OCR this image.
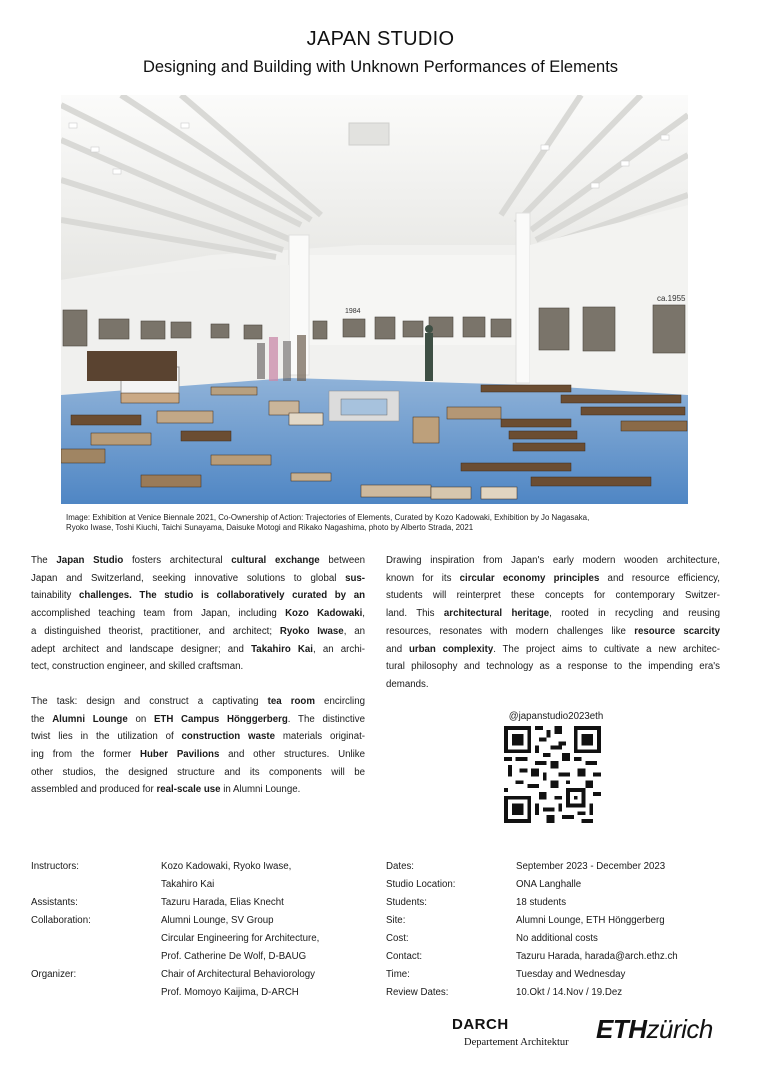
JAPAN STUDIO
Designing and Building with Unknown Performances of Elements
1984
ca.1955
Image: Exhibition at Venice Biennale 2021, Co-Ownership of Action: Trajectories of Elements, Curated by Kozo Kadowaki, Exhibition by Jo Nagasaka,
Ryoko Iwase, Toshi Kiuchi, Taichi Sunayama, Daisuke Motogi and Rikako Nagashima, photo by Alberto Strada, 2021

The Japan Studio fosters architectural cultural exchange between
Japan and Switzerland, seeking innovative solutions to global sus-
tainability challenges. The studio is collaboratively curated by an
accomplished teaching team from Japan, including Kozo Kadowaki,
a distinguished theorist, practitioner, and architect; Ryoko Iwase, an
adept architect and landscape designer; and Takahiro Kai, an archi-
tect, construction engineer, and skilled craftsman.

The task: design and construct a captivating tea room encircling
the Alumni Lounge on ETH Campus Hönggerberg. The distinctive
twist lies in the utilization of construction waste materials originat-
ing from the former Huber Pavilions and other structures. Unlike
other studios, the designed structure and its components will be
assembled and produced for real-scale use in Alumni Lounge.

Drawing inspiration from Japan's early modern wooden architecture,
known for its circular economy principles and resource efficiency,
students will reinterpret these concepts for contemporary Switzer-
land. This architectural heritage, rooted in recycling and reusing
resources, resonates with modern challenges like resource scarcity
and urban complexity. The project aims to cultivate a new architec-
tural philosophy and technology as a response to the impending era's
demands.

@japanstudio2023eth
Instructors:	Kozo Kadowaki, Ryoko Iwase,
Takahiro Kai
Assistants:	Tazuru Harada, Elias Knecht
Collaboration:	Alumni Lounge, SV Group
Circular Engineering for Architecture,
Prof. Catherine De Wolf, D-BAUG
Organizer:	Chair of Architectural Behaviorology
Prof. Momoyo Kaijima, D-ARCH
Dates:	September 2023 - December 2023
Studio Location:	ONA Langhalle
Students:	18 students
Site:	Alumni Lounge, ETH Hönggerberg
Cost:	No additional costs
Contact:	Tazuru Harada, harada@arch.ethz.ch
Time:	Tuesday and Wednesday
Review Dates:	10.Okt / 14.Nov / 19.Dez
DARCH
Departement Architektur ETHzürich
